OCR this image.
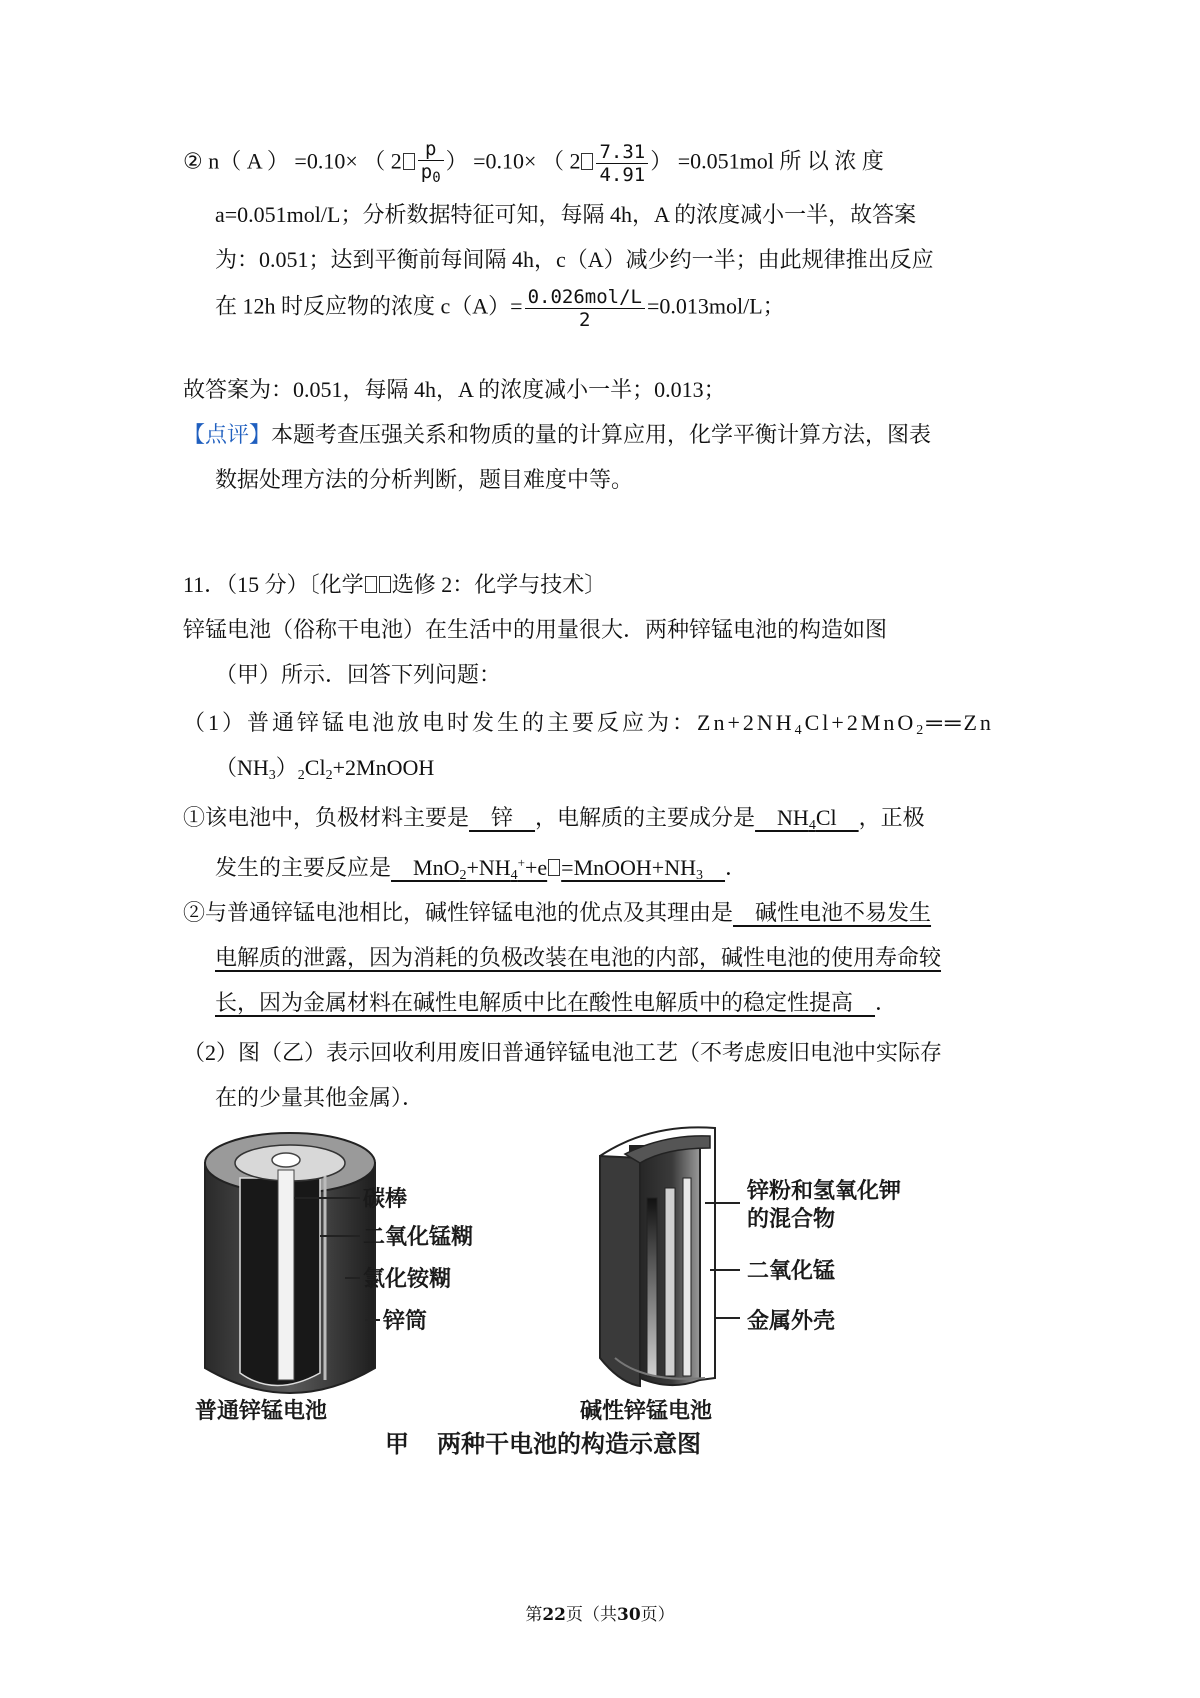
② n（ A ） =0.10× （ $2 \frac{p}{p_0}$ ） =0.10× （ $2 \frac{7.31}{4.91}$ ） =0.051mol 所 以 浓 度
a=0.051mol/L；分析数据特征可知，每隔 4h，A 的浓度减小一半，故答案
为：0.051；达到平衡前每间隔 4h，c（A）减少约一半；由此规律推出反应
在 12h 时反应物的浓度 $c(A)= \frac{\text{0.026mol/L}}{2} =0.013mol/L$；
故答案为：0.051，每隔 4h，A 的浓度减小一半；0.013；
【点评】本题考查压强关系和物质的量的计算应用，化学平衡计算方法，图表
数据处理方法的分析判断，题目难度中等。
11．（15 分）〔化学 选修 2：化学与技术〕
锌锰电池（俗称干电池）在生活中的用量很大．两种锌锰电池的构造如图
（甲）所示．回答下列问题：
（1）普通锌锰电池放电时发生的主要反应为：$Zn+2NH_4Cl+2MnO_2══Zn$
$(NH_3)_2Cl_2+2MnOOH$
①该电池中，负极材料主要是　锌　，电解质的主要成分是　$NH_4Cl$　，正极
发生的主要反应是　$MnO_2+NH_4^++e$ $=MnOOH+NH_3$　 ．
②与普通锌锰电池相比，碱性锌锰电池的优点及其理由是　碱性电池不易发生
电解质的泄露，因为消耗的负极改装在电池的内部，碱性电池的使用寿命较
长，因为金属材料在碱性电解质中比在酸性电解质中的稳定性提高　．
（2）图（乙）表示回收利用废旧普通锌锰电池工艺（不考虑废旧电池中实际存
在的少量其他金属）．
碳棒
二氧化锰糊
氯化铵糊
锌筒
普通锌锰电池
锌粉和氢氧化钾
的混合物
二氧化锰
金属外壳
碱性锌锰电池
甲 两种干电池的构造示意图
第22页（共30页）
